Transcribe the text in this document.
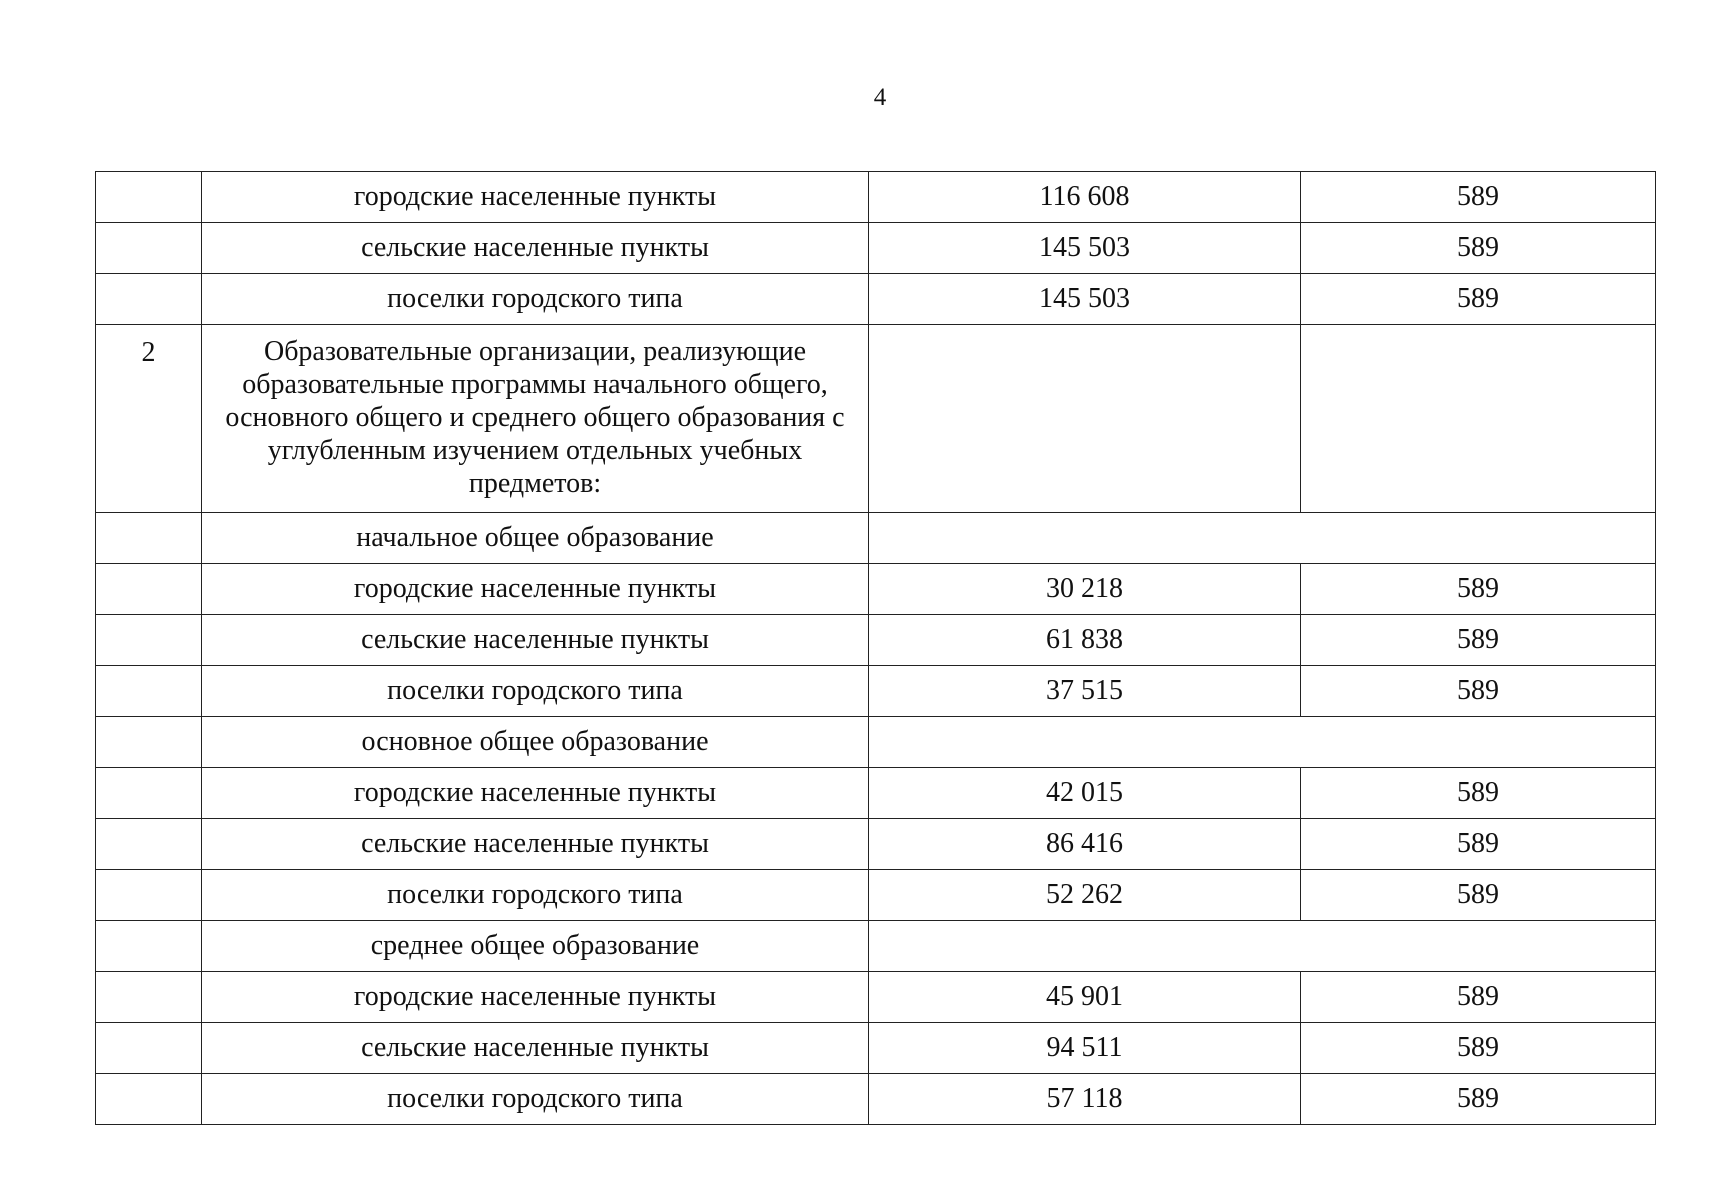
4
	городские населенные пункты	116 608	589
	сельские населенные пункты	145 503	589
	поселки городского типа	145 503	589
2	Образовательные организации, реализующие образовательные программы начального общего, основного общего и среднего общего образования с углубленным изучением отдельных учебных предметов:		
	начальное общее образование		
	городские населенные пункты	30 218	589
	сельские населенные пункты	61 838	589
	поселки городского типа	37 515	589
	основное общее образование		
	городские населенные пункты	42 015	589
	сельские населенные пункты	86 416	589
	поселки городского типа	52 262	589
	среднее общее образование		
	городские населенные пункты	45 901	589
	сельские населенные пункты	94 511	589
	поселки городского типа	57 118	589
